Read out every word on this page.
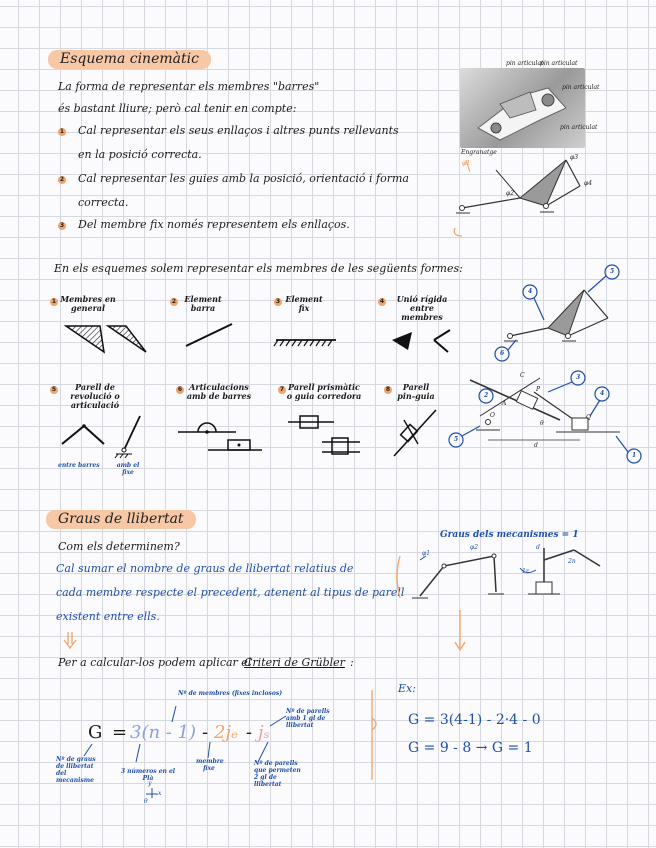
Esquema cinemàtic
La forma de representar els membres "barres"
és bastant lliure; però cal tenir en compte:
1 Cal representar els seus enllaços i altres punts rellevants
en la posició correcta.
2 Cal representar les guies amb la posició, orientació i forma
correcta.
3 Del membre fix només representem els enllaços.
pin articulat
pin articulat
pin articulat
Engranatge
pin articulat
φ1
φ2
φ3
φ4
En els esquemes solem representar els membres de les següents formes:
1 Membres en general
2	Element barra
3 Element fix
4	Unió rígida entre membres
4
5
6
5	Parell de revolució o articulació
6 Articulacions amb de barres
7 Parell prismàtic o guia corredora
8	Parell pin-guia
entre barres	amb el fixe
P
O	Q
θ
d
C
A
2
3
4
5
1
Graus de llibertat
Com els determinem?
Cal sumar el nombre de graus de llibertat relatius de
cada membre respecte el precedent, atenent al tipus de parell
existent entre ells.
Graus dels mecanismes = 1
φ1
φ2
1r
d
2n
Per a calcular-los podem aplicar el
Criteri de Grübler :
G = 3(n - 1) - 2jₑ - jₛ
Nº de membres (fixes inclosos)
Nº de parells amb 1 gl de llibertat
Nº de graus de llibertat del mecanisme
3 números en el Plà
membre fixe
Nº de parells que permeten 2 gl de llibertat
x
y
θ
Ex:
G = 3(4-1) - 2·4 - 0
G = 9 - 8 → G = 1
